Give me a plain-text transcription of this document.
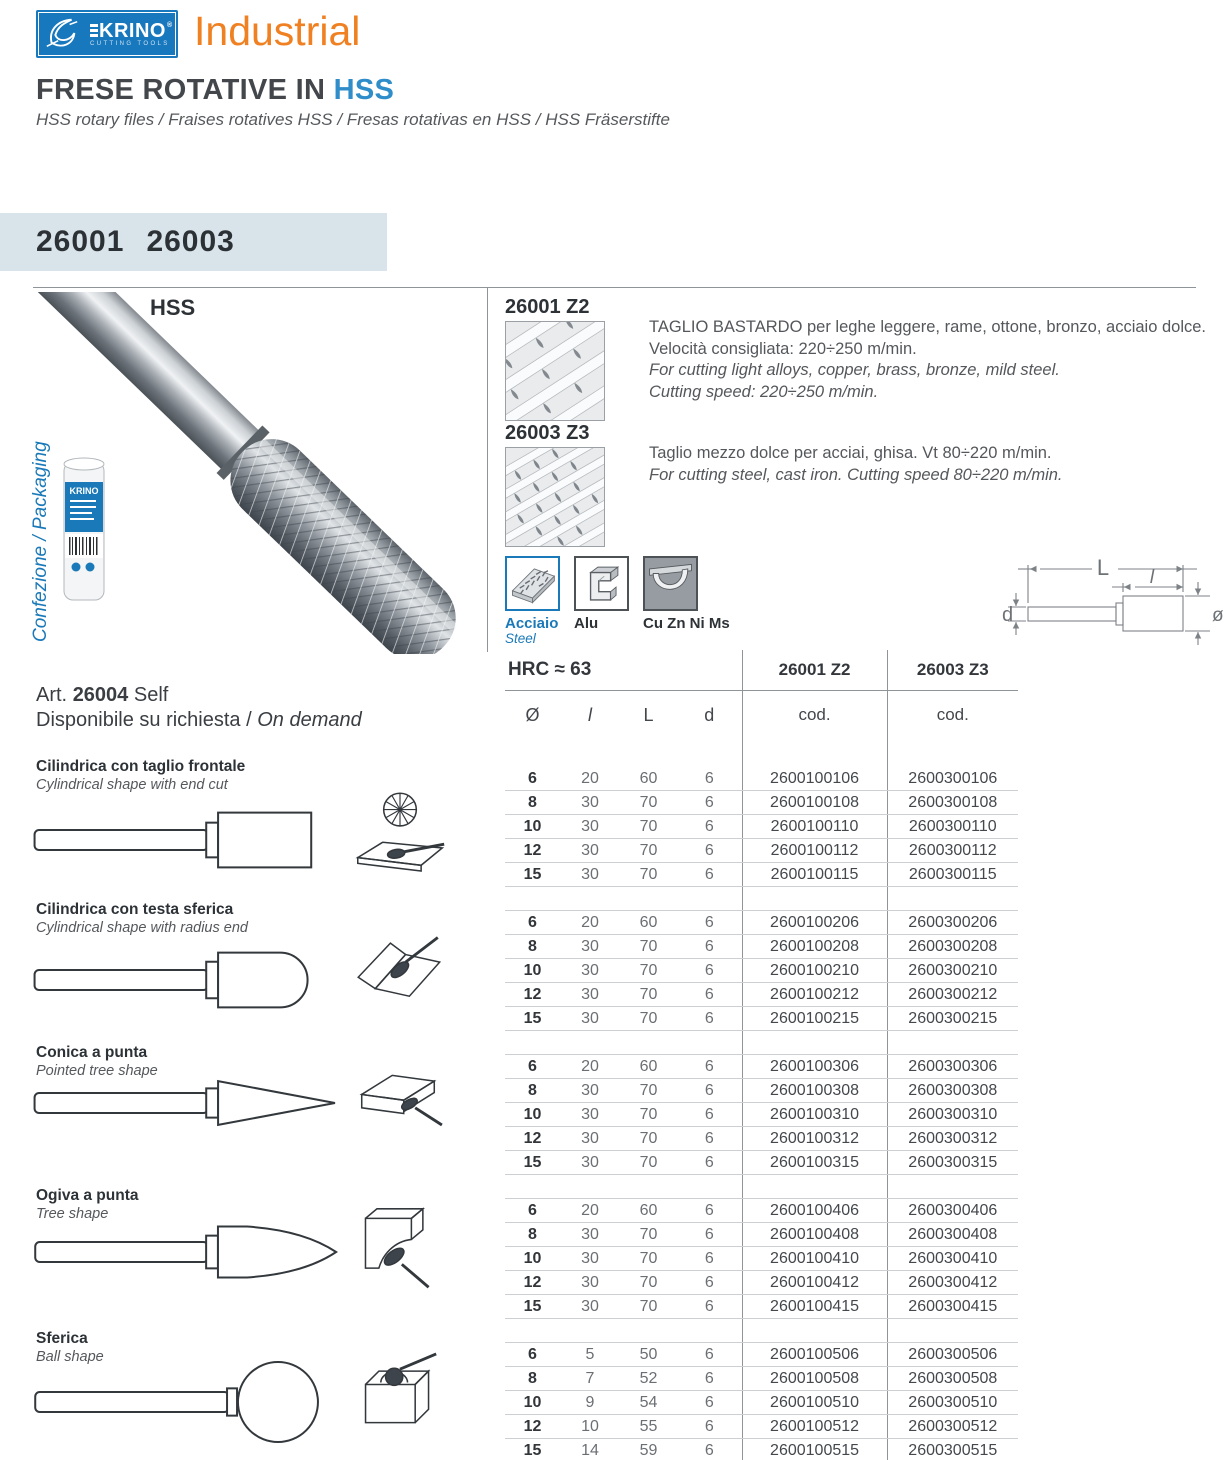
KRINO®
CUTTING TOOLS Industrial
FRESE ROTATIVE IN HSS
HSS rotary files / Fraises rotatives HSS / Fresas rotativas en HSS / HSS Fräserstifte
26001 26003
HSS
Confezione / Packaging KRINO
26001 Z2
TAGLIO BASTARDO per leghe leggere, rame, ottone, bronzo, acciaio dolce.
Velocità consigliata: 220÷250 m/min.
For cutting light alloys, copper, brass, bronze, mild steel.
Cutting speed: 220÷250 m/min.
26003 Z3
Taglio mezzo dolce per acciai, ghisa. Vt 80÷220 m/min.
For cutting steel, cast iron. Cutting speed 80÷220 m/min.
Acciaio
Steel
Alu	Cu Zn Ni Ms
L l
d	ø
Art. 26004 Self
Disponibile su richiesta / On demand
Cilindrica con taglio frontale
Cylindrical shape with end cut
Cilindrica con testa sferica
Cylindrical shape with radius end
Conica a punta
Pointed tree shape
Ogiva a punta
Tree shape
Sferica
Ball shape
HRC ≈ 63				26001 Z2	26003 Z3
Ø	l	L	d	cod.	cod.
6	20	60	6	2600100106	2600300106
8	30	70	6	2600100108	2600300108
10	30	70	6	2600100110	2600300110
12	30	70	6	2600100112	2600300112
15	30	70	6	2600100115	2600300115

6	20	60	6	2600100206	2600300206
8	30	70	6	2600100208	2600300208
10	30	70	6	2600100210	2600300210
12	30	70	6	2600100212	2600300212
15	30	70	6	2600100215	2600300215

6	20	60	6	2600100306	2600300306
8	30	70	6	2600100308	2600300308
10	30	70	6	2600100310	2600300310
12	30	70	6	2600100312	2600300312
15	30	70	6	2600100315	2600300315

6	20	60	6	2600100406	2600300406
8	30	70	6	2600100408	2600300408
10	30	70	6	2600100410	2600300410
12	30	70	6	2600100412	2600300412
15	30	70	6	2600100415	2600300415

6	5	50	6	2600100506	2600300506
8	7	52	6	2600100508	2600300508
10	9	54	6	2600100510	2600300510
12	10	55	6	2600100512	2600300512
15	14	59	6	2600100515	2600300515
